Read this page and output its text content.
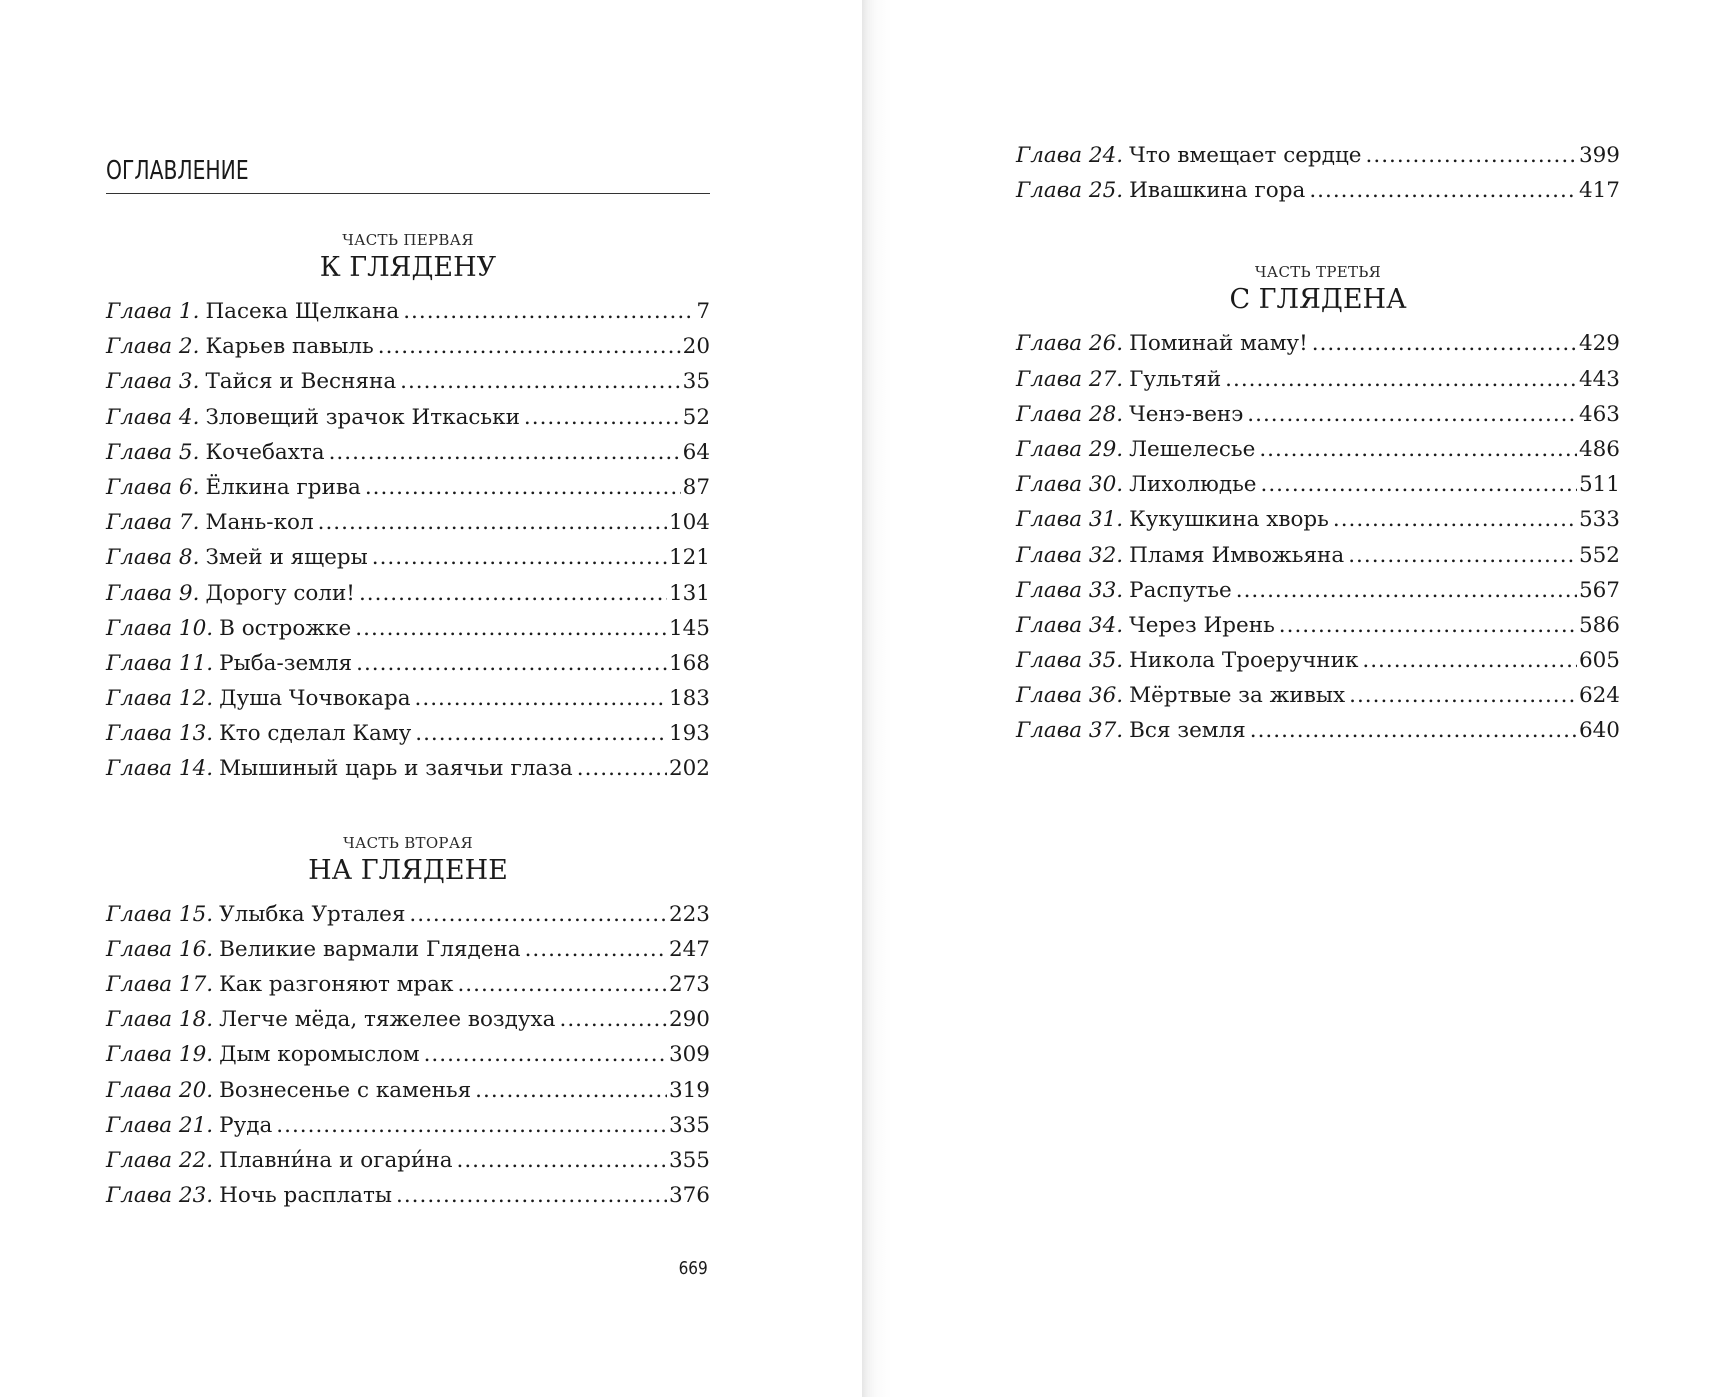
ОГЛАВЛЕНИЕ
ЧАСТЬ ПЕРВАЯ
К ГЛЯДЕНУ
Глава 1. Пасека Щелкана .....	7
Глава 2. Карьев павыль .....	20
Глава 3. Тайся и Весняна .....	35
Глава 4. Зловещий зрачок Иткаськи .....	52
Глава 5. Кочебахта .....	64
Глава 6. Ёлкина грива .....	87
Глава 7. Мань-кол .....	104
Глава 8. Змей и ящеры .....	121
Глава 9. Дорогу соли! .....	131
Глава 10. В острожке .....	145
Глава 11. Рыба-земля .....	168
Глава 12. Душа Чочвокара .....	183
Глава 13. Кто сделал Каму .....	193
Глава 14. Мышиный царь и заячьи глаза .....	202
ЧАСТЬ ВТОРАЯ
НА ГЛЯДЕНЕ
Глава 15. Улыбка Урталея .....	223
Глава 16. Великие вармали Глядена .....	247
Глава 17. Как разгоняют мрак .....	273
Глава 18. Легче мёда, тяжелее воздуха .....	290
Глава 19. Дым коромыслом .....	309
Глава 20. Вознесенье с каменья .....	319
Глава 21. Руда .....	335
Глава 22. Плавни́на и огари́на .....	355
Глава 23. Ночь расплаты .....	376
669
Глава 24. Что вмещает сердце .....	399
Глава 25. Ивашкина гора .....	417
ЧАСТЬ ТРЕТЬЯ
С ГЛЯДЕНА
Глава 26. Поминай маму! .....	429
Глава 27. Гультяй .....	443
Глава 28. Ченэ-венэ .....	463
Глава 29. Лешелесье .....	486
Глава 30. Лихолюдье .....	511
Глава 31. Кукушкина хворь .....	533
Глава 32. Пламя Имвожьяна .....	552
Глава 33. Распутье .....	567
Глава 34. Через Ирень .....	586
Глава 35. Никола Троеручник .....	605
Глава 36. Мёртвые за живых .....	624
Глава 37. Вся земля .....	640
